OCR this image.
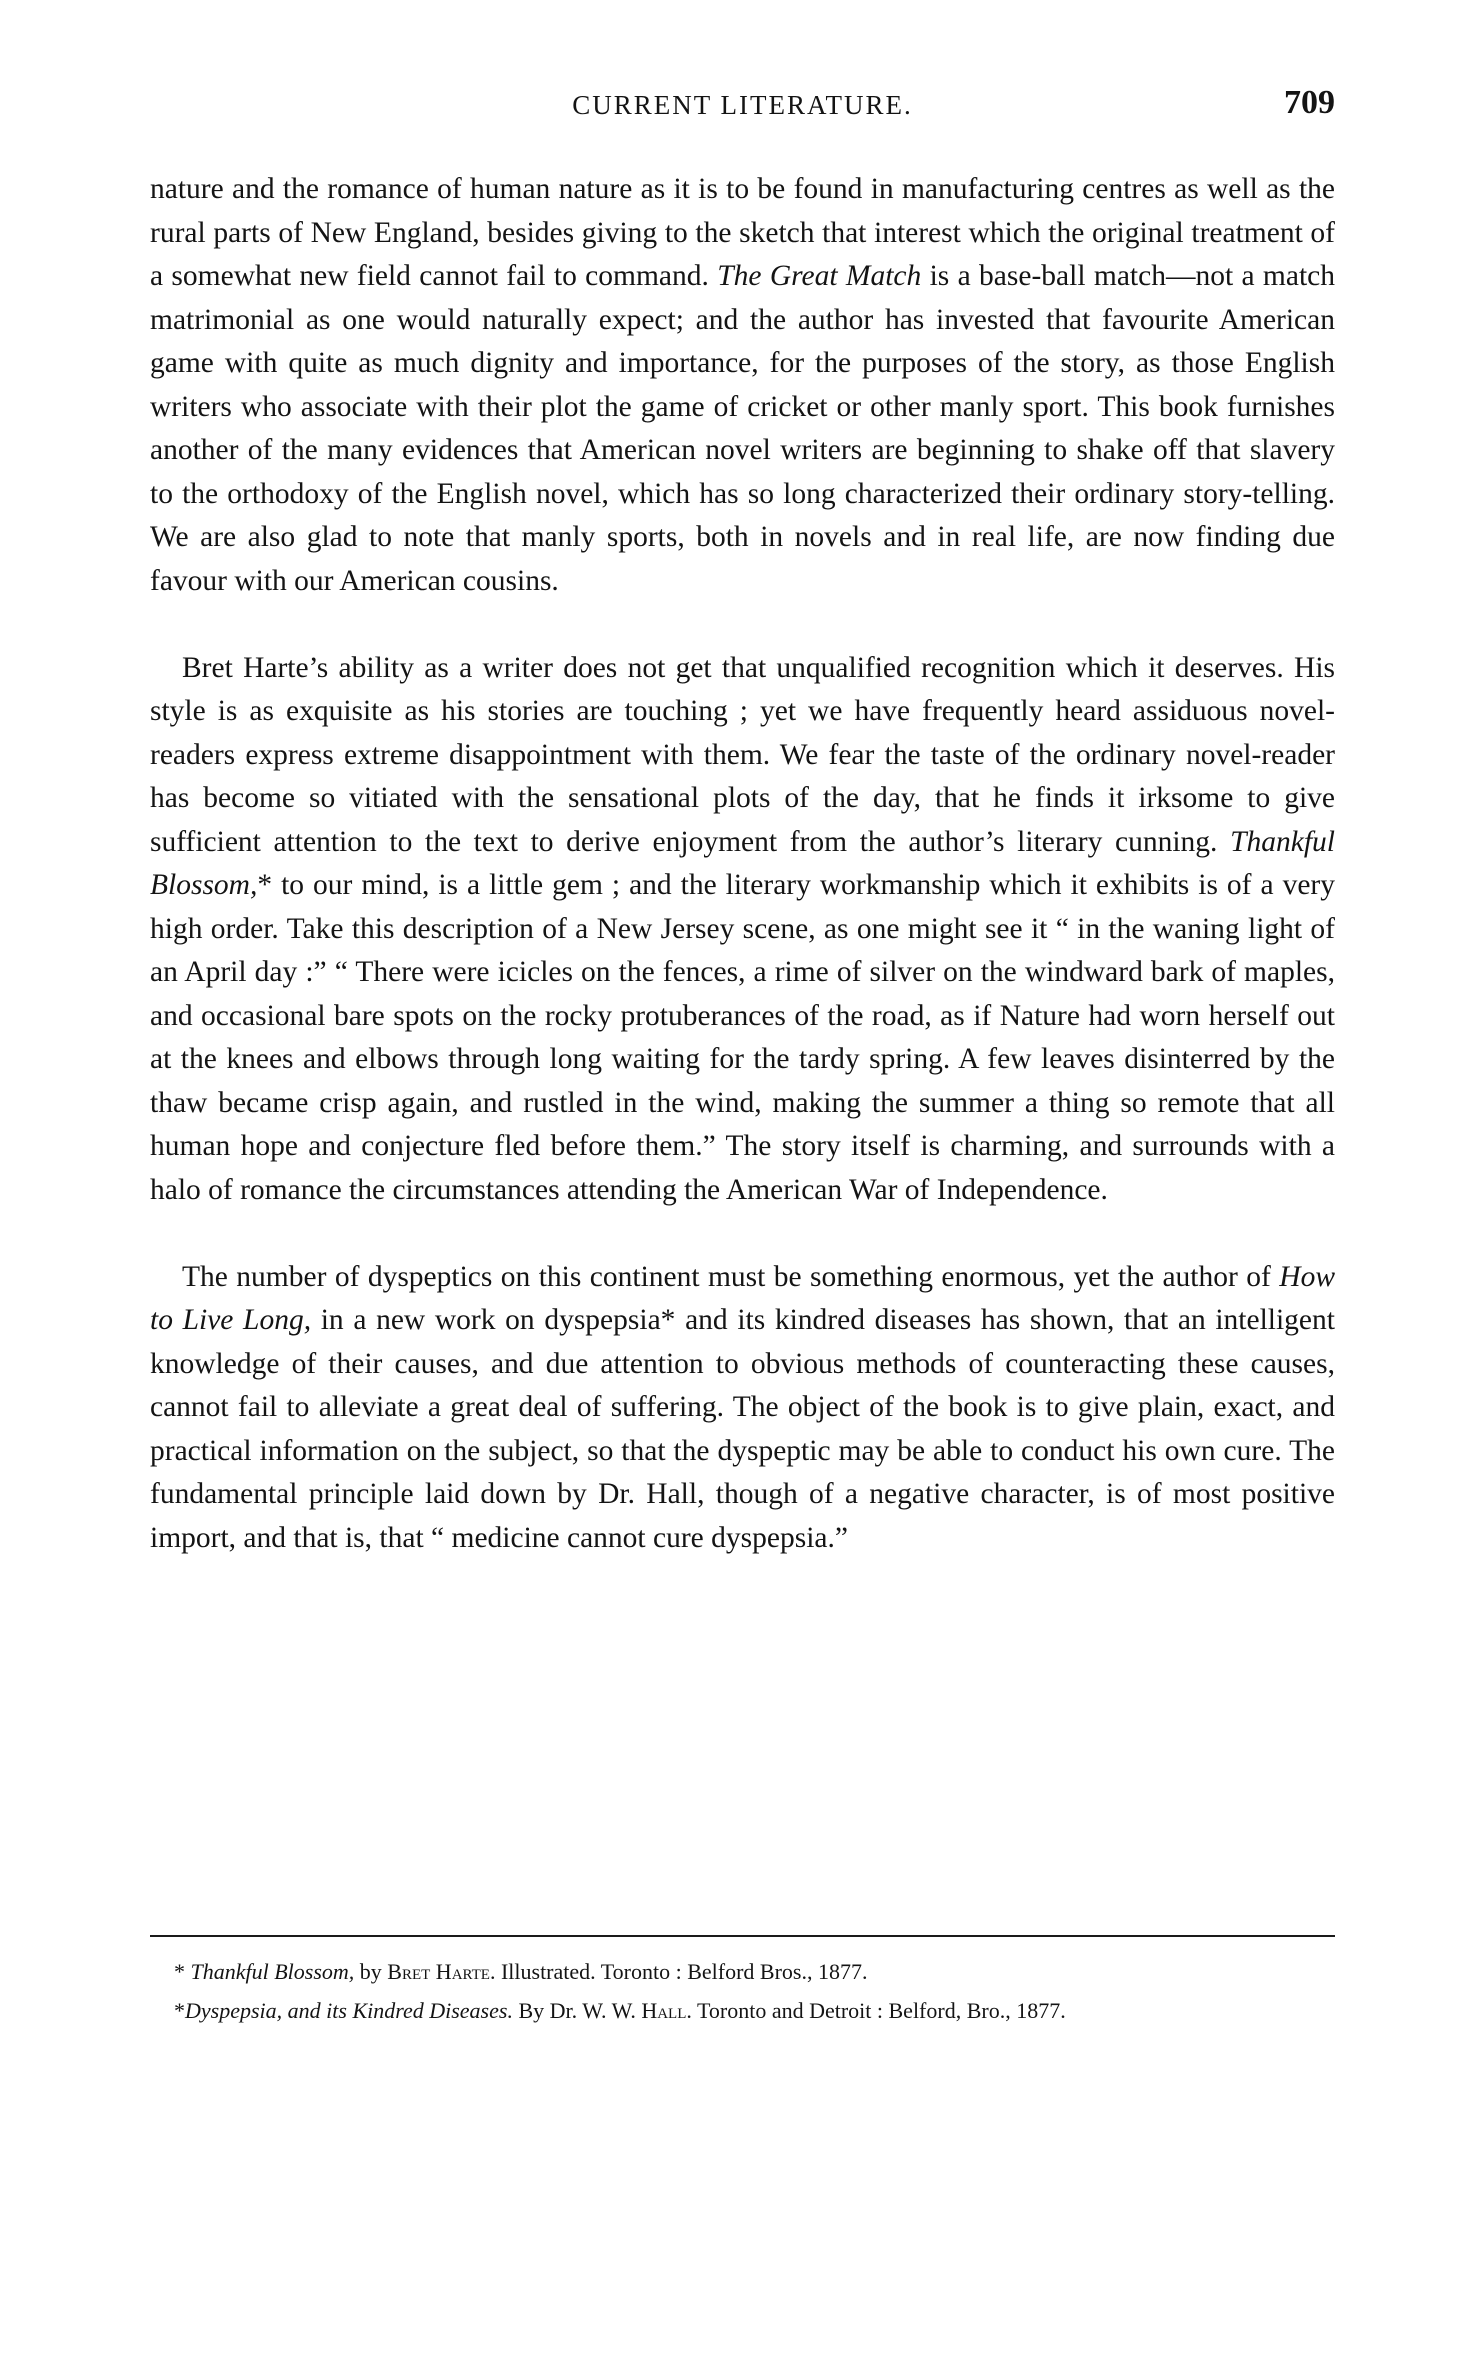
CURRENT LITERATURE.	709

nature and the romance of human nature as it is to be found in manufacturing centres as well as the rural parts of New England, besides giving to the sketch that interest which the original treatment of a somewhat new field cannot fail to command. The Great Match is a base-ball match—not a match matrimonial as one would naturally expect; and the author has invested that favourite American game with quite as much dignity and importance, for the purposes of the story, as those English writers who associate with their plot the game of cricket or other manly sport. This book furnishes another of the many evidences that American novel writers are beginning to shake off that slavery to the orthodoxy of the English novel, which has so long characterized their ordinary story-telling. We are also glad to note that manly sports, both in novels and in real life, are now finding due favour with our American cousins.

Bret Harte’s ability as a writer does not get that unqualified recognition which it deserves. His style is as exquisite as his stories are touching ; yet we have frequently heard assiduous novel-readers express extreme disappointment with them. We fear the taste of the ordinary novel-reader has become so vitiated with the sensational plots of the day, that he finds it irksome to give sufficient attention to the text to derive enjoyment from the author’s literary cunning. Thankful Blossom,* to our mind, is a little gem ; and the literary workmanship which it exhibits is of a very high order. Take this description of a New Jersey scene, as one might see it “ in the waning light of an April day :” “ There were icicles on the fences, a rime of silver on the windward bark of maples, and occasional bare spots on the rocky protuberances of the road, as if Nature had worn herself out at the knees and elbows through long waiting for the tardy spring. A few leaves disinterred by the thaw became crisp again, and rustled in the wind, making the summer a thing so remote that all human hope and conjecture fled before them.” The story itself is charming, and surrounds with a halo of romance the circumstances attending the American War of Independence.

The number of dyspeptics on this continent must be something enormous, yet the author of How to Live Long, in a new work on dyspepsia* and its kindred diseases has shown, that an intelligent knowledge of their causes, and due attention to obvious methods of counteracting these causes, cannot fail to alleviate a great deal of suffering. The object of the book is to give plain, exact, and practical information on the subject, so that the dyspeptic may be able to conduct his own cure. The fundamental principle laid down by Dr. Hall, though of a negative character, is of most positive import, and that is, that “ medicine cannot cure dyspepsia.”

* Thankful Blossom, by Bret Harte. Illustrated. Toronto : Belford Bros., 1877.

*Dyspepsia, and its Kindred Diseases. By Dr. W. W. Hall. Toronto and Detroit : Belford, Bro., 1877.
